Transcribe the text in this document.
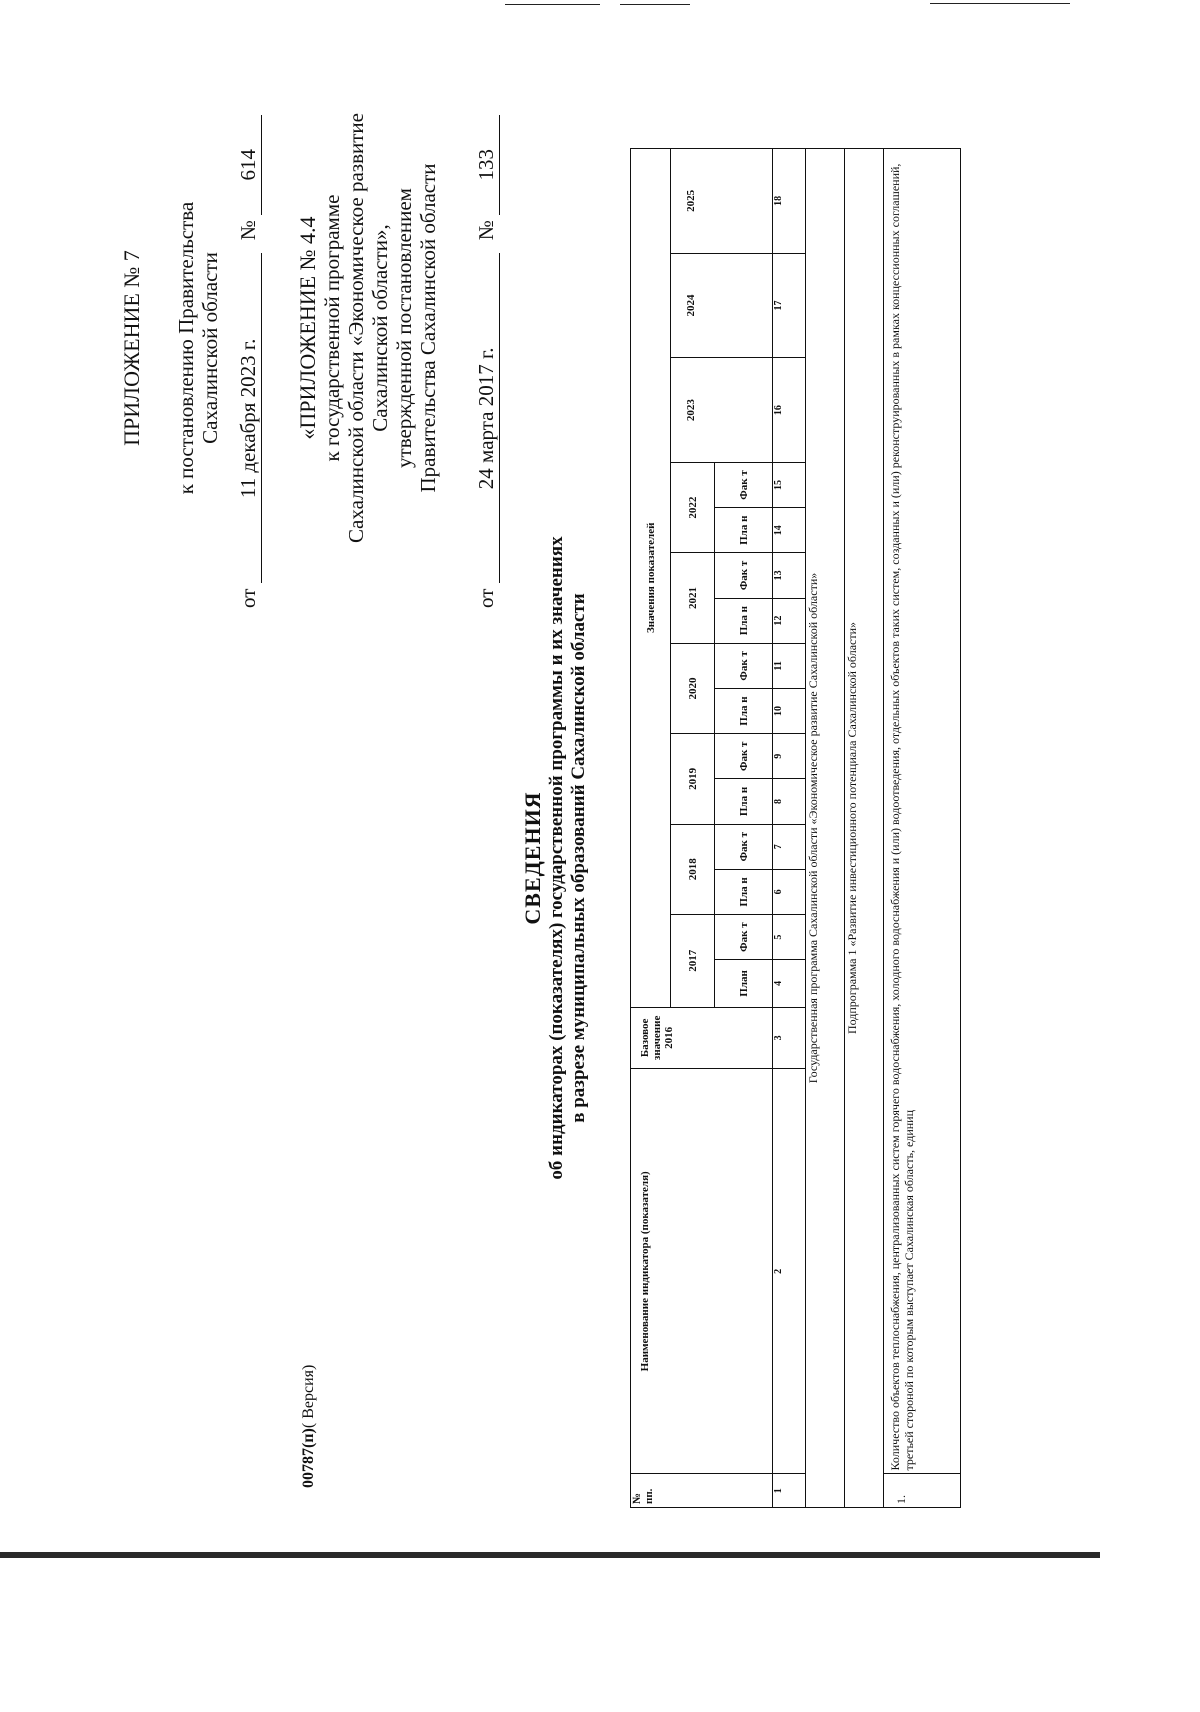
ПРИЛОЖЕНИЕ № 7 к постановлению Правительства Сахалинской области
от 11 декабря 2023 г. № 614
«ПРИЛОЖЕНИЕ № 4.4 к государственной программе Сахалинской области «Экономическое развитие Сахалинской области», утвержденной постановлением Правительства Сахалинской области
от 24 марта 2017 г. № 133
СВЕДЕНИЯ об индикаторах (показателях) государственной программы и их значениях в разрезе муниципальных образований Сахалинской области
№ пп.	Наименование индикатора (показателя)	Базовое значение 2016	Значения показателей														
			2017		2018		2019		2020		2021		2022		2023	2024	2025
			План	Фак т	Пла н	Фак т	Пла н	Фак т	Пла н	Фак т	Пла н	Фак т	Пла н	Фак т			
1	2	3	4	5	6	7	8	9	10	11	12	13	14	15	16	17	18
Государственная программа Сахалинской области «Экономическое развитие Сахалинской области»																	
Подпрограмма 1 «Развитие инвестиционного потенциала Сахалинской области»																	
1.	Количество объектов теплоснабжения, централизованных систем горячего водоснабжения, холодного водоснабжения и (или) водоотведения, отдельных объектов таких систем, созданных и (или) реконструированных в рамках концессионных соглашений, третьей стороной по которым выступает Сахалинская область, единиц																
00787(п)( Версия)
